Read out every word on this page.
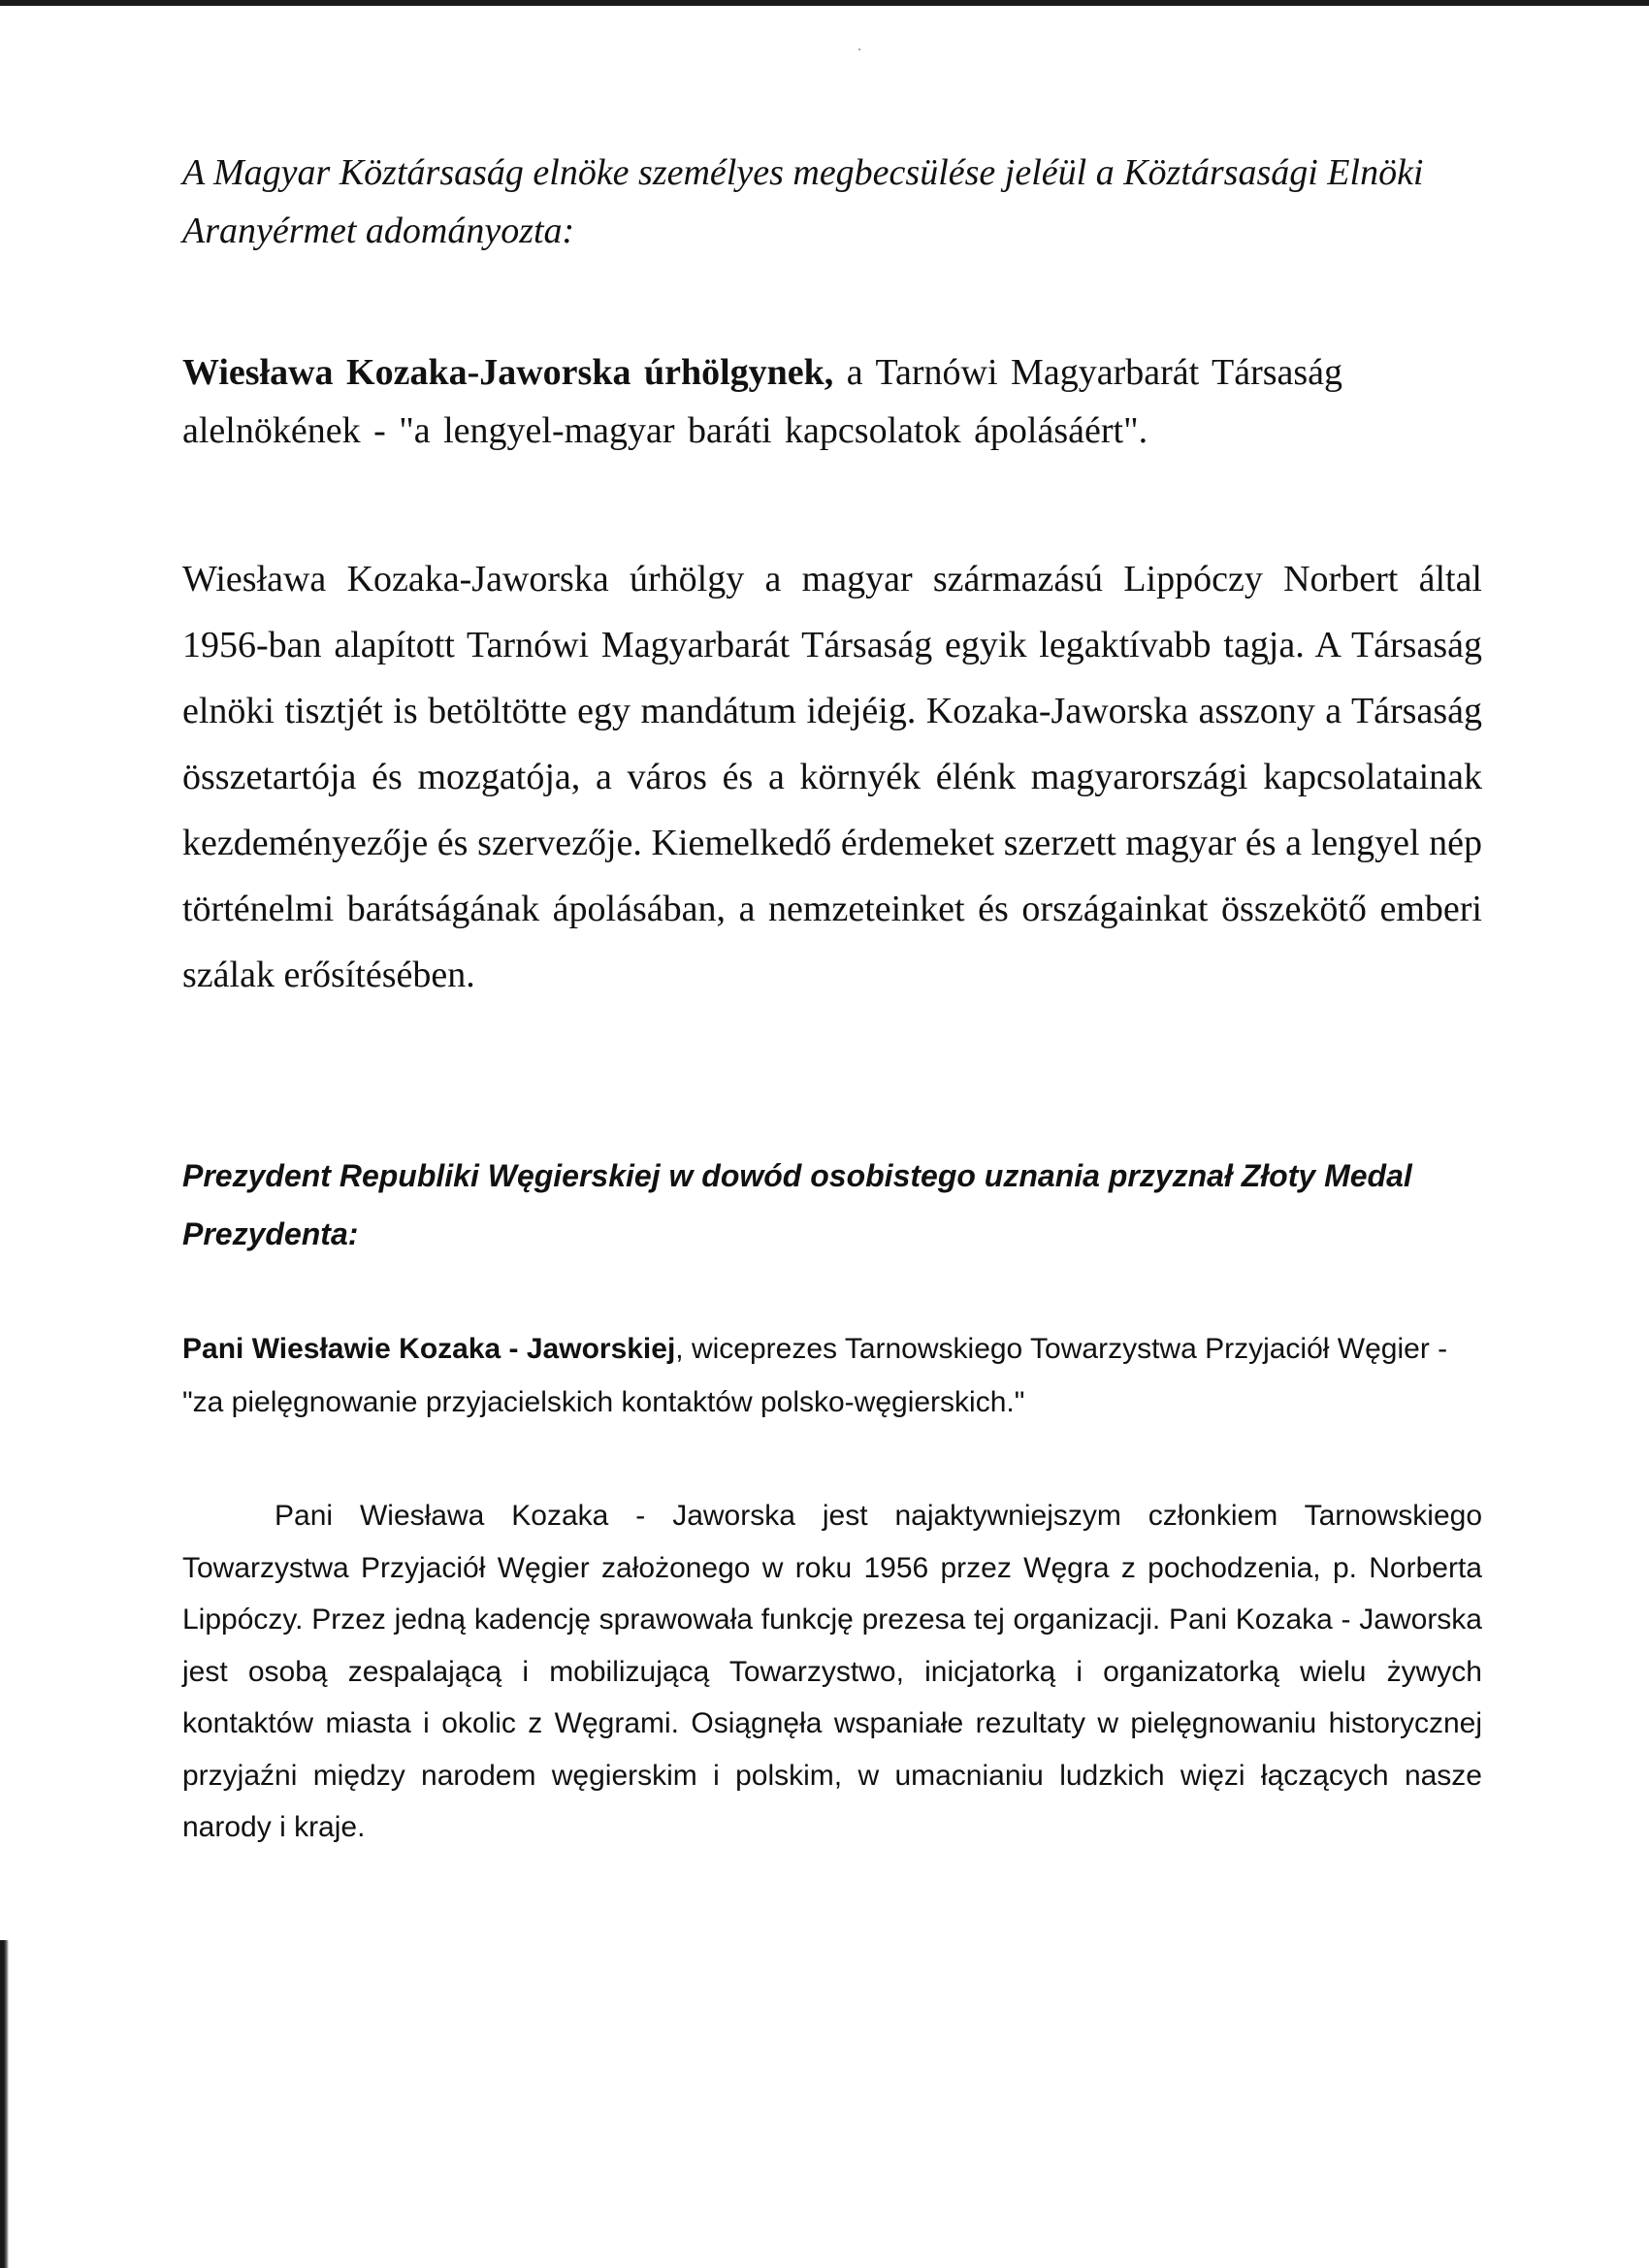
A Magyar Köztársaság elnöke személyes megbecsülése jeléül a Köztársasági Elnöki Aranyérmet adományozta:

Wiesława Kozaka-Jaworska úrhölgynek, a Tarnówi Magyarbarát Társaság alelnökének - "a lengyel-magyar baráti kapcsolatok ápolásáért".

Wiesława Kozaka-Jaworska úrhölgy a magyar származású Lippóczy Norbert által 1956-ban alapított Tarnówi Magyarbarát Társaság egyik legaktívabb tagja. A Társaság elnöki tisztjét is betöltötte egy mandátum idejéig. Kozaka-Jaworska asszony a Társaság összetartója és mozgatója, a város és a környék élénk magyarországi kapcsolatainak kezdeményezője és szervezője. Kiemelkedő érdemeket szerzett magyar és a lengyel nép történelmi barátságának ápolásában, a nemzeteinket és országainkat összekötő emberi szálak erősítésében.

Prezydent Republiki Węgierskiej w dowód osobistego uznania przyznał Złoty Medal Prezydenta:

Pani Wiesławie Kozaka - Jaworskiej, wiceprezes Tarnowskiego Towarzystwa Przyjaciół Węgier - "za pielęgnowanie przyjacielskich kontaktów polsko-węgierskich."

Pani Wiesława Kozaka - Jaworska jest najaktywniejszym członkiem Tarnowskiego Towarzystwa Przyjaciół Węgier założonego w roku 1956 przez Węgra z pochodzenia, p. Norberta Lippóczy. Przez jedną kadencję sprawowała funkcję prezesa tej organizacji. Pani Kozaka - Jaworska jest osobą zespalającą i mobilizującą Towarzystwo, inicjatorką i organizatorką wielu żywych kontaktów miasta i okolic z Węgrami. Osiągnęła wspaniałe rezultaty w pielęgnowaniu historycznej przyjaźni między narodem węgierskim i polskim, w umacnianiu ludzkich więzi łączących nasze narody i kraje.
